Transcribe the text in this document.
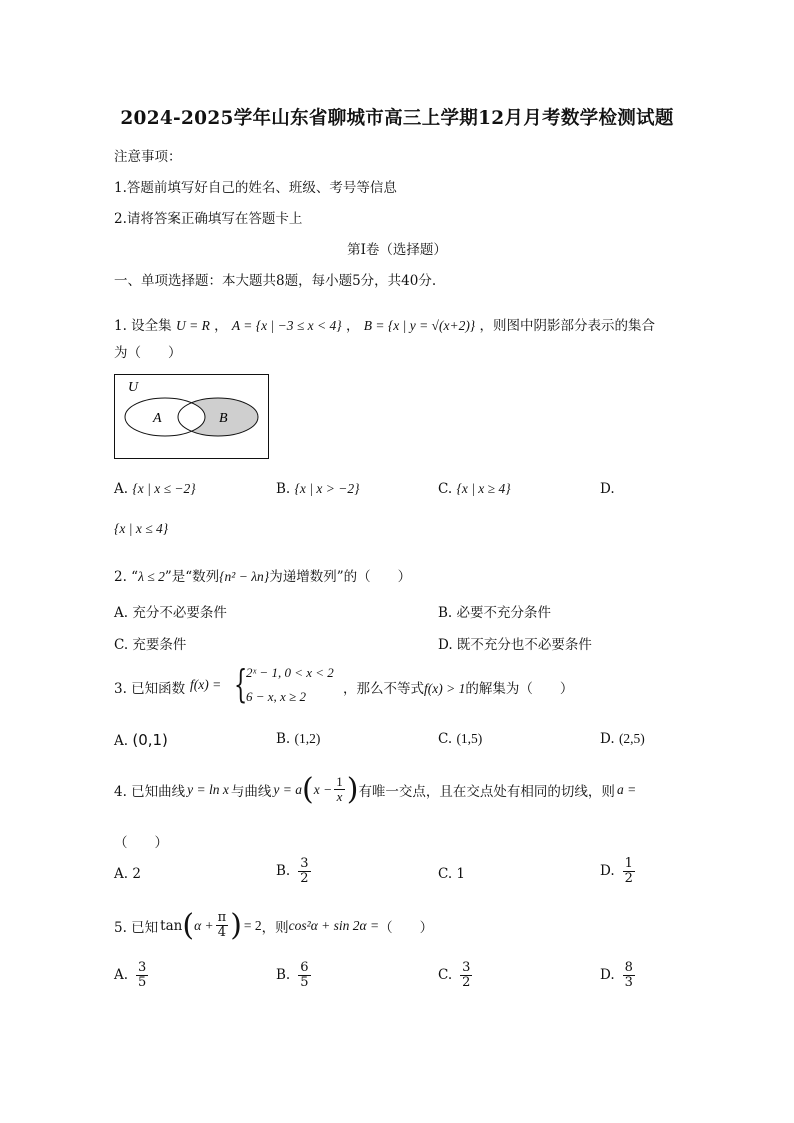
2024-2025学年山东省聊城市高三上学期12月月考数学检测试题
注意事项：
1.答题前填写好自己的姓名、班级、考号等信息
2.请将答案正确填写在答题卡上
第I卷（选择题）
一、单项选择题：本大题共8题，每小题5分，共40分.
1. 设全集 U = R ， A = {x | −3 ≤ x < 4} ， B = {x | y = √(x+2)} ，则图中阴影部分表示的集合
为（　　）
U
A	B
A. {x | x ≤ −2}	B. {x | x > −2}	C. {x | x ≥ 4}	D.
{x | x ≤ 4}
2. “λ ≤ 2”是“数列{n² − λn}为递增数列”的（　　）
A. 充分不必要条件	B. 必要不充分条件
C. 充要条件	D. 既不充分也不必要条件
3. 已知函数 f(x) = {
2ˣ − 1, 0 < x < 2
6 − x, x ≥ 2	，那么不等式f(x) > 1的解集为（　　）
A. (0,1)	B. (1,2)	C. (1,5)	D. (2,5)
4. 已知曲线 y = ln x 与曲线 y = a ( $x - \frac{1}{x}$ ) 有唯一交点，且在交点处有相同的切线，则 a =
（　　）
A. 2	B. $\frac{3}{2}$	C. 1	D. $\frac{1}{2}$
5. 已知 tan ( $\alpha + \frac{\pi}{4}$ ) = 2 ，则 cos²α + sin 2α = （　　）
A. $\frac{3}{5}$	B. $\frac{6}{5}$	C. $\frac{3}{2}$	D. $\frac{8}{3}$
